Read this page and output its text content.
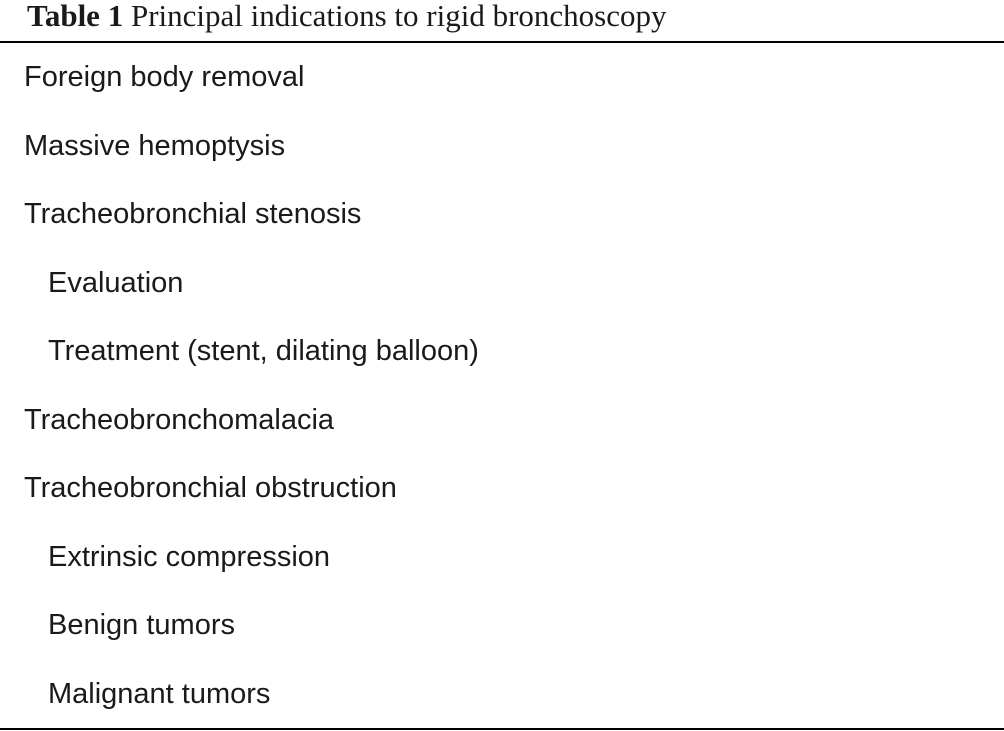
Table 1 Principal indications to rigid bronchoscopy
Foreign body removal
Massive hemoptysis
Tracheobronchial stenosis
Evaluation
Treatment (stent, dilating balloon)
Tracheobronchomalacia
Tracheobronchial obstruction
Extrinsic compression
Benign tumors
Malignant tumors
